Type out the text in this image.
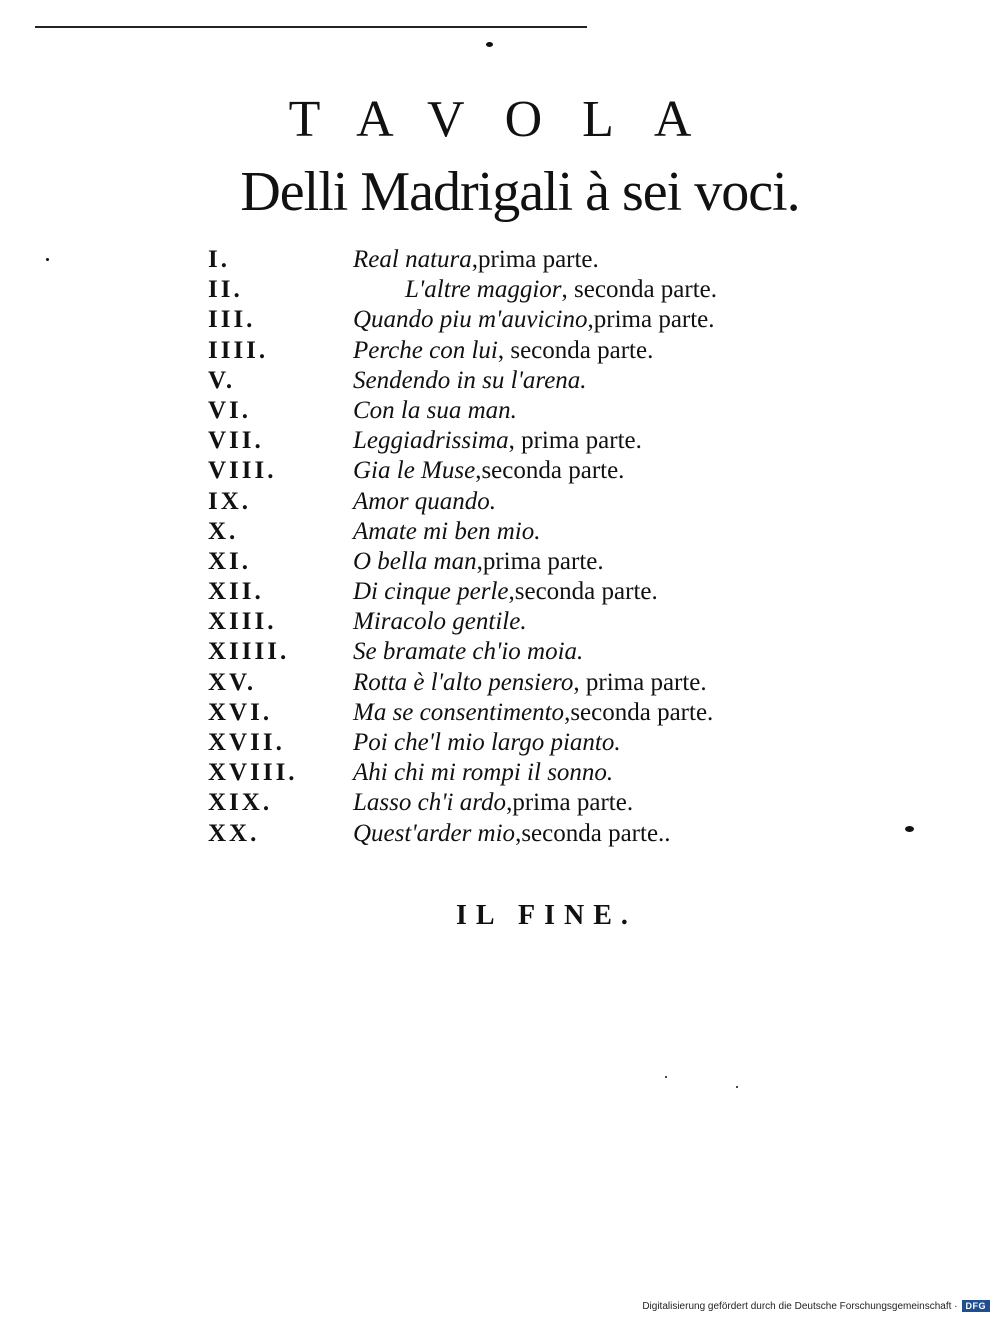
TAVOLA
Delli Madrigali à sei voci.
I.	Real natura ,prima parte.
II.	L'altre maggior , seconda parte.
III.	Quando piu m'auvicino ,prima parte.
IIII.	Perche con lui , seconda parte.
V.	Sendendo in su l'arena.
VI.	Con la sua man.
VII.	Leggiadrissima , prima parte.
VIII.	Gia le Muse ,seconda parte.
IX.	Amor quando.
X.	Amate mi ben mio.
XI.	O bella man ,prima parte.
XII.	Di cinque perle ,seconda parte.
XIII.	Miracolo gentile.
XIIII.	Se bramate ch'io moia.
XV.	Rotta è l'alto pensiero , prima parte.
XVI.	Ma se consentimento ,seconda parte.
XVII.	Poi che'l mio largo pianto.
XVIII.	Ahi chi mi rompi il sonno.
XIX.	Lasso ch'i ardo ,prima parte.
XX.	Quest'arder mio ,seconda parte..
IL FINE.
Digitalisierung gefördert durch die Deutsche Forschungsgemeinschaft · DFG
